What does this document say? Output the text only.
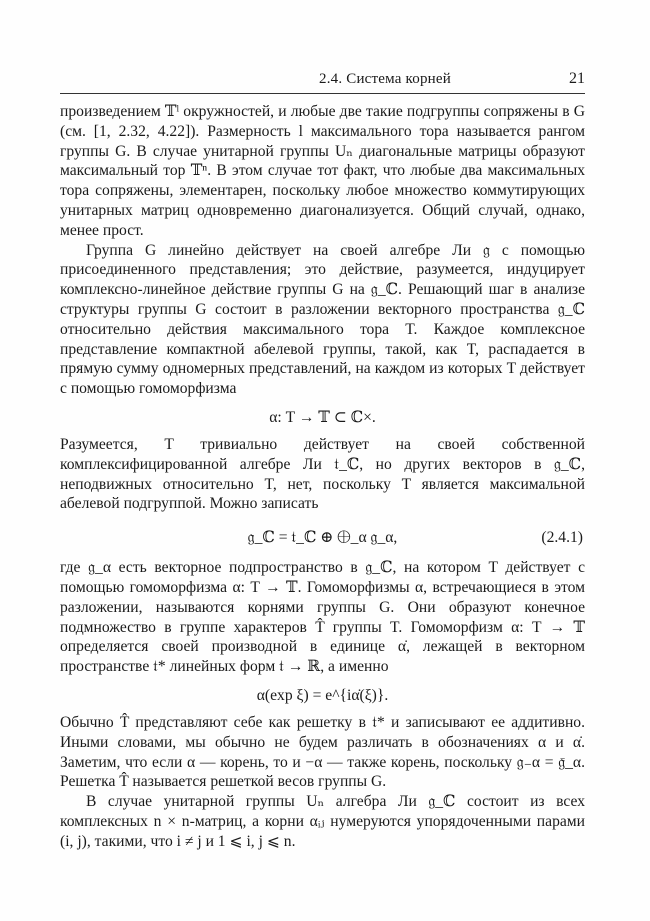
2.4. Система корней	21

произведением 𝕋ˡ окружностей, и любые две такие подгруппы сопряжены в G (см. [1, 2.32, 4.22]). Размерность l максимального тора называется рангом группы G. В случае унитарной группы Uₙ диагональные матрицы образуют максимальный тор 𝕋ⁿ. В этом случае тот факт, что любые два максимальных тора сопряжены, элементарен, поскольку любое множество коммутирующих унитарных матриц одновременно диагонализуется. Общий случай, однако, менее прост.

Группа G линейно действует на своей алгебре Ли 𝔤 с помощью присоединенного представления; это действие, разумеется, индуцирует комплексно-линейное действие группы G на 𝔤_ℂ. Решающий шаг в анализе структуры группы G состоит в разложении векторного пространства 𝔤_ℂ относительно действия максимального тора T. Каждое комплексное представление компактной абелевой группы, такой, как T, распадается в прямую сумму одномерных представлений, на каждом из которых T действует с помощью гомоморфизма

α: T → 𝕋 ⊂ ℂ×.

Разумеется, T тривиально действует на своей собственной комплексифицированной алгебре Ли 𝔱_ℂ, но других векторов в 𝔤_ℂ, неподвижных относительно T, нет, поскольку T является максимальной абелевой подгруппой. Можно записать

𝔤_ℂ = 𝔱_ℂ ⊕ ⨁_α 𝔤_α,	(2.4.1)

где 𝔤_α есть векторное подпространство в 𝔤_ℂ, на котором T действует с помощью гомоморфизма α: T → 𝕋. Гомоморфизмы α, встречающиеся в этом разложении, называются корнями группы G. Они образуют конечное подмножество в группе характеров T̂ группы T. Гомоморфизм α: T → 𝕋 определяется своей производной в единице α̇, лежащей в векторном пространстве 𝔱* линейных форм 𝔱 → ℝ, а именно

α(exp ξ) = e^{iα̇(ξ)}.

Обычно T̂ представляют себе как решетку в 𝔱* и записывают ее аддитивно. Иными словами, мы обычно не будем различать в обозначениях α и α̇. Заметим, что если α — корень, то и −α — также корень, поскольку 𝔤₋α = 𝔤̄_α. Решетка T̂ называется решеткой весов группы G.

В случае унитарной группы Uₙ алгебра Ли 𝔤_ℂ состоит из всех комплексных n × n-матриц, а корни αᵢⱼ нумеруются упорядоченными парами (i, j), такими, что i ≠ j и 1 ⩽ i, j ⩽ n.
